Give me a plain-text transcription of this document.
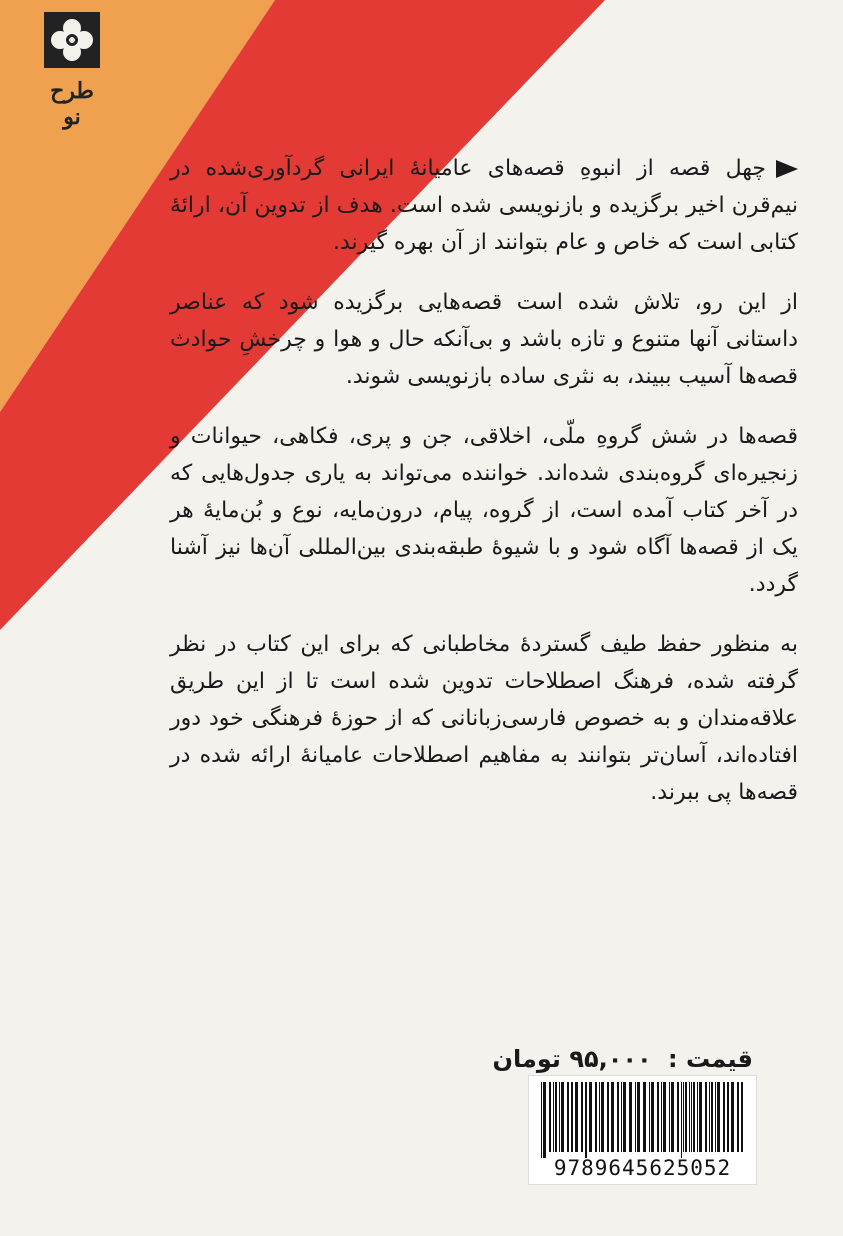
طرح نو

چهل قصه از انبوهِ قصه‌های عامیانهٔ ایرانی گردآوری‌شده در نیم‌قرن اخیر برگزیده و بازنویسی شده است. هدف از تدوین آن، ارائهٔ کتابی است که خاص و عام بتوانند از آن بهره گیرند.

از این رو، تلاش شده است قصه‌هایی برگزیده شود که عناصر داستانی آنها متنوع و تازه باشد و بی‌آنکه حال و هوا و چرخشِ حوادث قصه‌ها آسیب ببیند، به نثری ساده بازنویسی شوند.

قصه‌ها در شش گروهِ ملّی، اخلاقی، جن و پری، فکاهی، حیوانات و زنجیره‌ای گروه‌بندی شده‌اند. خواننده می‌تواند به یاری جدول‌هایی که در آخر کتاب آمده است، از گروه، پیام، درون‌مایه، نوع و بُن‌مایهٔ هر یک از قصه‌ها آگاه شود و با شیوهٔ طبقه‌بندی بین‌المللی آن‌ها نیز آشنا گردد.

به منظور حفظ طیف گستردهٔ مخاطبانی که برای این کتاب در نظر گرفته شده، فرهنگ اصطلاحات تدوین شده است تا از این طریق علاقه‌مندان و به خصوص فارسی‌زبانانی که از حوزهٔ فرهنگی خود دور افتاده‌اند، آسان‌تر بتوانند به مفاهیم اصطلاحات عامیانهٔ ارائه شده در قصه‌ها پی ببرند.

قیمت : ۹۵,۰۰۰ تومان
9789645625052
